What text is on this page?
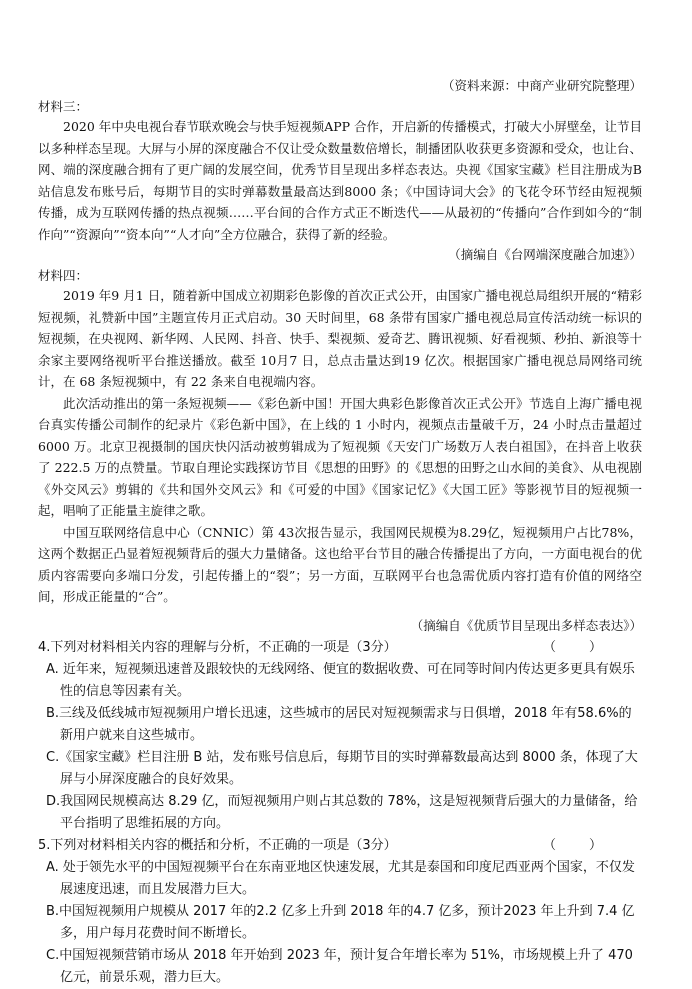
（资料来源：中商产业研究院整理）
材料三：

2020 年中央电视台春节联欢晚会与快手短视频APP 合作，开启新的传播模式，打破大小屏壁垒，让节目以多种样态呈现。大屏与小屏的深度融合不仅让受众数量数倍增长，制播团队收获更多资源和受众，也让台、网、端的深度融合拥有了更广阔的发展空间，优秀节目呈现出多样态表达。央视《国家宝藏》栏目注册成为B 站信息发布账号后，每期节目的实时弹幕数量最高达到8000 条；《中国诗词大会》的飞花令环节经由短视频传播，成为互联网传播的热点视频……平台间的合作方式正不断迭代——从最初的“传播向”合作到如今的“制作向”“资源向”“资本向”“人才向”全方位融合，获得了新的经验。

（摘编自《台网端深度融合加速》）
材料四：

2019 年9 月1 日，随着新中国成立初期彩色影像的首次正式公开，由国家广播电视总局组织开展的“精彩短视频，礼赞新中国”主题宣传月正式启动。30 天时间里，68 条带有国家广播电视总局宣传活动统一标识的短视频，在央视网、新华网、人民网、抖音、快手、梨视频、爱奇艺、腾讯视频、好看视频、秒拍、新浪等十余家主要网络视听平台推送播放。截至 10月7 日，总点击量达到19 亿次。根据国家广播电视总局网络司统计，在 68 条短视频中，有 22 条来自电视端内容。

此次活动推出的第一条短视频——《彩色新中国！开国大典彩色影像首次正式公开》节选自上海广播电视台真实传播公司制作的纪录片《彩色新中国》，在上线的 1 小时内，视频点击量破千万，24 小时点击量超过6000 万。北京卫视摄制的国庆快闪活动被剪辑成为了短视频《天安门广场数万人表白祖国》，在抖音上收获了 222.5 万的点赞量。节取自理论实践探访节目《思想的田野》的《思想的田野之山水间的美食》、从电视剧《外交风云》剪辑的《共和国外交风云》和《可爱的中国》《国家记忆》《大国工匠》等影视节目的短视频一起，唱响了正能量主旋律之歌。

中国互联网络信息中心（CNNIC）第 43次报告显示，我国网民规模为8.29亿，短视频用户占比78%，这两个数据正凸显着短视频背后的强大力量储备。这也给平台节目的融合传播提出了方向，一方面电视台的优质内容需要向多端口分发，引起传播上的“裂”；另一方面，互联网平台也急需优质内容打造有价值的网络空间，形成正能量的“合”。

（摘编自《优质节目呈现出多样态表达》）

4.下列对材料相关内容的理解与分析，不正确的一项是（3分）	（        ）

A. 近年来，短视频迅速普及跟较快的无线网络、便宜的数据收费、可在同等时间内传达更多更具有娱乐性的信息等因素有关。

B.三线及低线城市短视频用户增长迅速，这些城市的居民对短视频需求与日俱增，2018 年有58.6%的新用户就来自这些城市。

C.《国家宝藏》栏目注册 B 站，发布账号信息后，每期节目的实时弹幕数最高达到 8000 条，体现了大屏与小屏深度融合的良好效果。

D.我国网民规模高达 8.29 亿，而短视频用户则占其总数的 78%，这是短视频背后强大的力量储备，给平台指明了思维拓展的方向。

5.下列对材料相关内容的概括和分析，不正确的一项是（3分）	（        ）

A. 处于领先水平的中国短视频平台在东南亚地区快速发展，尤其是泰国和印度尼西亚两个国家，不仅发展速度迅速，而且发展潜力巨大。

B.中国短视频用户规模从 2017 年的2.2 亿多上升到 2018 年的4.7 亿多，预计2023 年上升到 7.4 亿多，用户每月花费时间不断增长。

C.中国短视频营销市场从 2018 年开始到 2023 年，预计复合年增长率为 51%，市场规模上升了 470 亿元，前景乐观，潜力巨大。
